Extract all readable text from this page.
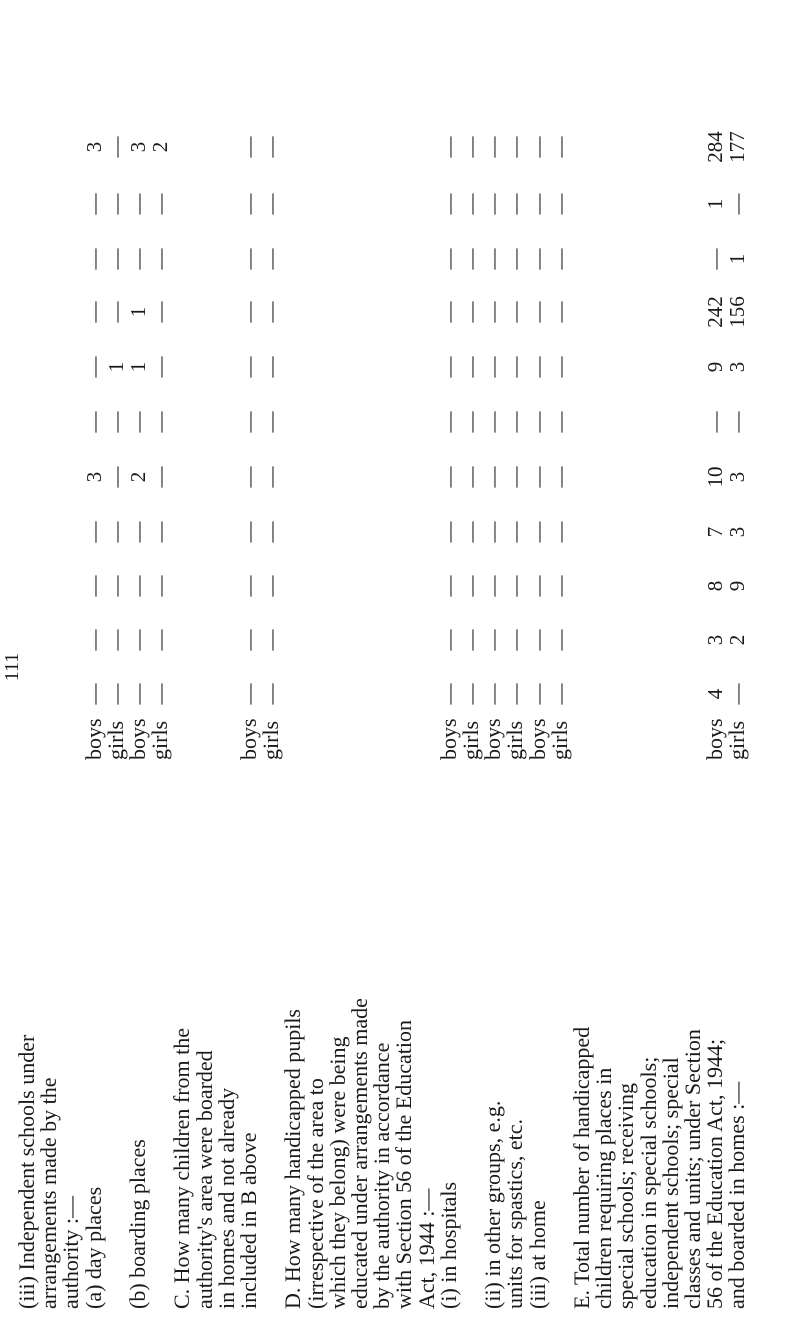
(iii) Independent schools under
arrangements made by the
authority :—
(a) day places
boys
—
—
—
—
3
—
—
—
—
—
3
girls
—
—
—
—
—
—
1
—
—
—
—
(b) boarding places
boys
—
—
—
—
2
—
1
1
—
—
3
girls
—
—
—
—
—
—
—
—
—
—
2
C. How many children from the
authority's area were boarded
in homes and not already
included in B above
boys
—
—
—
—
—
—
—
—
—
—
—
girls
—
—
—
—
—
—
—
—
—
—
—
D. How many handicapped pupils
(irrespective of the area to
which they belong) were being
educated under arrangements made
by the authority in accordance
with Section 56 of the Education
Act, 1944 :—
(i) in hospitals
boys
—
—
—
—
—
—
—
—
—
—
—
girls
—
—
—
—
—
—
—
—
—
—
—
(ii) in other groups, e.g.
boys
—
—
—
—
—
—
—
—
—
—
—
units for spastics, etc.
girls
—
—
—
—
—
—
—
—
—
—
—
(iii) at home
boys
—
—
—
—
—
—
—
—
—
—
—
girls
—
—
—
—
—
—
—
—
—
—
—
E. Total number of handicapped
children requiring places in
special schools; receiving
education in special schools;
independent schools; special
classes and units; under Section
56 of the Education Act, 1944;
boys
4
3
8
7
10
—
9
242
—
1
284
and boarded in homes :—
girls
—
2
9
3
3
—
3
156
1
—
177
111
